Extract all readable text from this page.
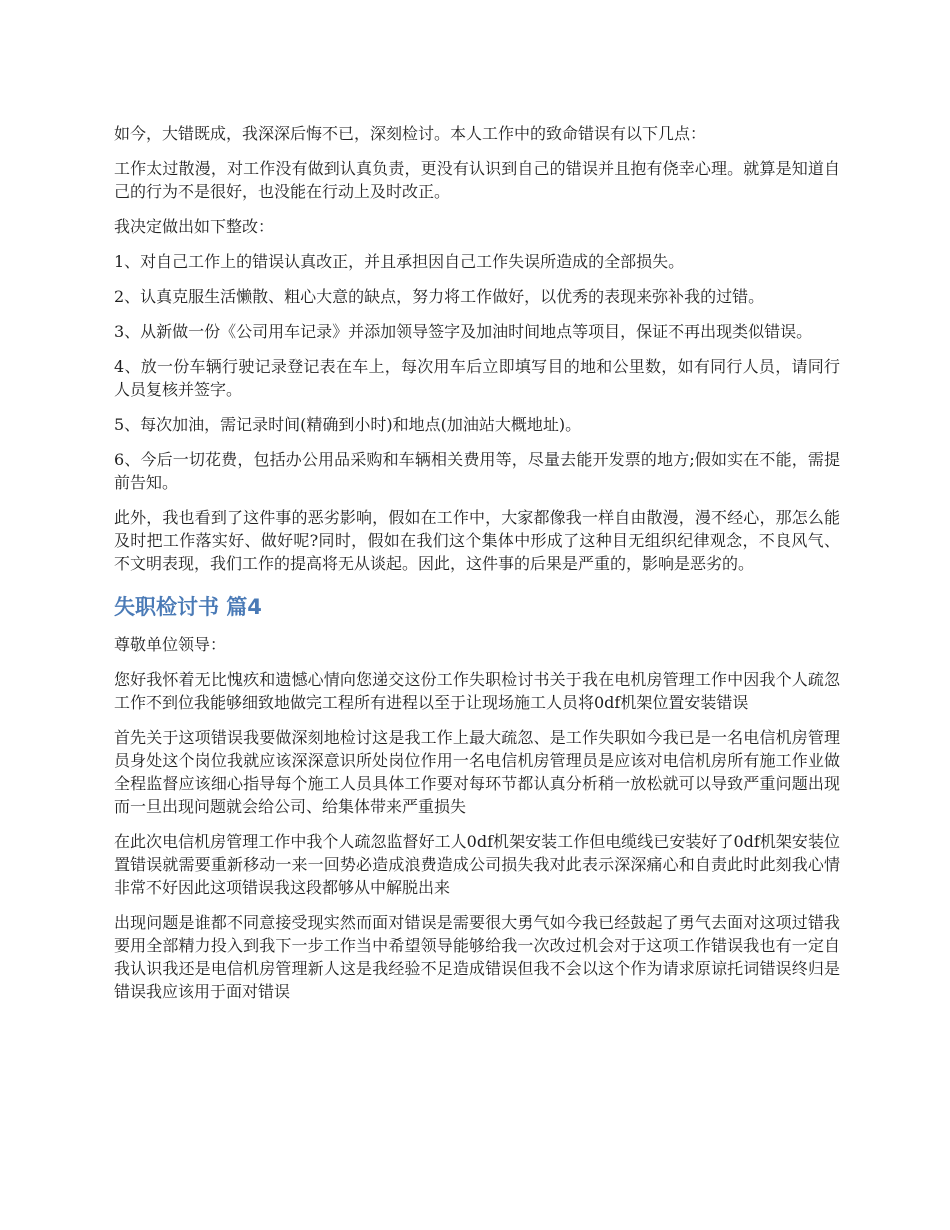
如今，大错既成，我深深后悔不已，深刻检讨。本人工作中的致命错误有以下几点：

工作太过散漫，对工作没有做到认真负责，更没有认识到自己的错误并且抱有侥幸心理。就算是知道自己的行为不是很好，也没能在行动上及时改正。

我决定做出如下整改：

1、对自己工作上的错误认真改正，并且承担因自己工作失误所造成的全部损失。

2、认真克服生活懒散、粗心大意的缺点，努力将工作做好，以优秀的表现来弥补我的过错。

3、从新做一份《公司用车记录》并添加领导签字及加油时间地点等项目，保证不再出现类似错误。

4、放一份车辆行驶记录登记表在车上，每次用车后立即填写目的地和公里数，如有同行人员，请同行人员复核并签字。

5、每次加油，需记录时间(精确到小时)和地点(加油站大概地址)。

6、今后一切花费，包括办公用品采购和车辆相关费用等，尽量去能开发票的地方;假如实在不能，需提前告知。

此外，我也看到了这件事的恶劣影响，假如在工作中，大家都像我一样自由散漫，漫不经心，那怎么能及时把工作落实好、做好呢?同时，假如在我们这个集体中形成了这种目无组织纪律观念，不良风气、不文明表现，我们工作的提高将无从谈起。因此，这件事的后果是严重的，影响是恶劣的。

失职检讨书 篇4

尊敬单位领导：

您好我怀着无比愧疚和遗憾心情向您递交这份工作失职检讨书关于我在电机房管理工作中因我个人疏忽工作不到位我能够细致地做完工程所有进程以至于让现场施工人员将0df机架位置安装错误

首先关于这项错误我要做深刻地检讨这是我工作上最大疏忽、是工作失职如今我已是一名电信机房管理员身处这个岗位我就应该深深意识所处岗位作用一名电信机房管理员是应该对电信机房所有施工作业做全程监督应该细心指导每个施工人员具体工作要对每环节都认真分析稍一放松就可以导致严重问题出现而一旦出现问题就会给公司、给集体带来严重损失

在此次电信机房管理工作中我个人疏忽监督好工人0df机架安装工作但电缆线已安装好了0df机架安装位置错误就需要重新移动一来一回势必造成浪费造成公司损失我对此表示深深痛心和自责此时此刻我心情非常不好因此这项错误我这段都够从中解脱出来

出现问题是谁都不同意接受现实然而面对错误是需要很大勇气如今我已经鼓起了勇气去面对这项过错我要用全部精力投入到我下一步工作当中希望领导能够给我一次改过机会对于这项工作错误我也有一定自我认识我还是电信机房管理新人这是我经验不足造成错误但我不会以这个作为请求原谅托词错误终归是错误我应该用于面对错误
